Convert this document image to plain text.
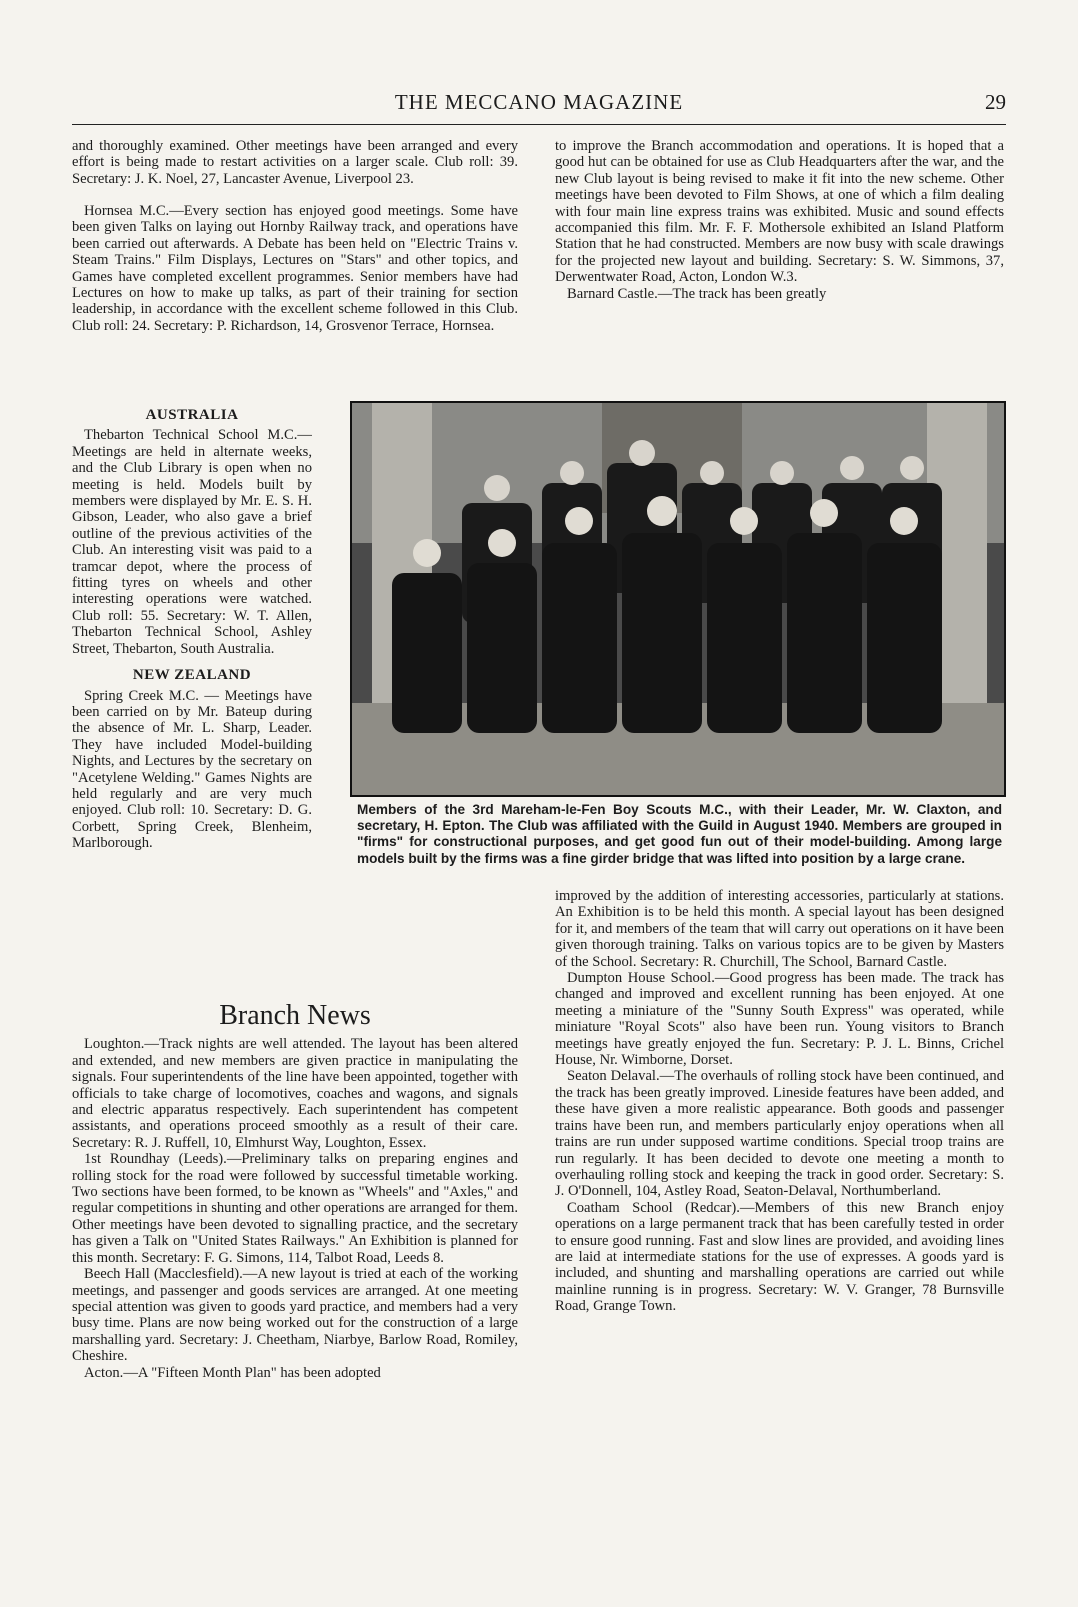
THE MECCANO MAGAZINE	29

and thoroughly examined. Other meetings have been arranged and every effort is being made to restart activities on a larger scale. Club roll: 39. Secretary: J. K. Noel, 27, Lancaster Avenue, Liverpool 23.

Hornsea M.C.—Every section has enjoyed good meetings. Some have been given Talks on laying out Hornby Railway track, and operations have been carried out afterwards. A Debate has been held on "Electric Trains v. Steam Trains." Film Displays, Lectures on "Stars" and other topics, and Games have completed excellent programmes. Senior members have had Lectures on how to make up talks, as part of their training for section leadership, in accordance with the excellent scheme followed in this Club. Club roll: 24. Secretary: P. Richardson, 14, Grosvenor Terrace, Hornsea.

AUSTRALIA

Thebarton Technical School M.C.—Meetings are held in alternate weeks, and the Club Library is open when no meeting is held. Models built by members were displayed by Mr. E. S. H. Gibson, Leader, who also gave a brief outline of the previous activities of the Club. An interesting visit was paid to a tramcar depot, where the process of fitting tyres on wheels and other interesting operations were watched. Club roll: 55. Secretary: W. T. Allen, Thebarton Technical School, Ashley Street, Thebarton, South Australia.

NEW ZEALAND

Spring Creek M.C. — Meetings have been carried on by Mr. Bateup during the absence of Mr. L. Sharp, Leader. They have included Model-building Nights, and Lectures by the secretary on "Acetylene Welding." Games Nights are held regularly and are very much enjoyed. Club roll: 10. Secretary: D. G. Corbett, Spring Creek, Blenheim, Marlborough.

Branch News

Loughton.—Track nights are well attended. The layout has been altered and extended, and new members are given practice in manipulating the signals. Four superintendents of the line have been appointed, together with officials to take charge of locomotives, coaches and wagons, and signals and electric apparatus respectively. Each superintendent has competent assistants, and operations proceed smoothly as a result of their care. Secretary: R. J. Ruffell, 10, Elmhurst Way, Loughton, Essex.

1st Roundhay (Leeds).—Preliminary talks on preparing engines and rolling stock for the road were followed by successful timetable working. Two sections have been formed, to be known as "Wheels" and "Axles," and regular competitions in shunting and other operations are arranged for them. Other meetings have been devoted to signalling practice, and the secretary has given a Talk on "United States Railways." An Exhibition is planned for this month. Secretary: F. G. Simons, 114, Talbot Road, Leeds 8.

Beech Hall (Macclesfield).—A new layout is tried at each of the working meetings, and passenger and goods services are arranged. At one meeting special attention was given to goods yard practice, and members had a very busy time. Plans are now being worked out for the construction of a large marshalling yard. Secretary: J. Cheetham, Niarbye, Barlow Road, Romiley, Cheshire.

Acton.—A "Fifteen Month Plan" has been adopted

to improve the Branch accommodation and operations. It is hoped that a good hut can be obtained for use as Club Headquarters after the war, and the new Club layout is being revised to make it fit into the new scheme. Other meetings have been devoted to Film Shows, at one of which a film dealing with four main line express trains was exhibited. Music and sound effects accompanied this film. Mr. F. F. Mothersole exhibited an Island Platform Station that he had constructed. Members are now busy with scale drawings for the projected new layout and building. Secretary: S. W. Simmons, 37, Derwentwater Road, Acton, London W.3.

Barnard Castle.—The track has been greatly

Members of the 3rd Mareham-le-Fen Boy Scouts M.C., with their Leader, Mr. W. Claxton, and secretary, H. Epton. The Club was affiliated with the Guild in August 1940. Members are grouped in "firms" for constructional purposes, and get good fun out of their model-building. Among large models built by the firms was a fine girder bridge that was lifted into position by a large crane.

improved by the addition of interesting accessories, particularly at stations. An Exhibition is to be held this month. A special layout has been designed for it, and members of the team that will carry out operations on it have been given thorough training. Talks on various topics are to be given by Masters of the School. Secretary: R. Churchill, The School, Barnard Castle.

Dumpton House School.—Good progress has been made. The track has changed and improved and excellent running has been enjoyed. At one meeting a miniature of the "Sunny South Express" was operated, while miniature "Royal Scots" also have been run. Young visitors to Branch meetings have greatly enjoyed the fun. Secretary: P. J. L. Binns, Crichel House, Nr. Wimborne, Dorset.

Seaton Delaval.—The overhauls of rolling stock have been continued, and the track has been greatly improved. Lineside features have been added, and these have given a more realistic appearance. Both goods and passenger trains have been run, and members particularly enjoy operations when all trains are run under supposed wartime conditions. Special troop trains are run regularly. It has been decided to devote one meeting a month to overhauling rolling stock and keeping the track in good order. Secretary: S. J. O'Donnell, 104, Astley Road, Seaton-Delaval, Northumberland.

Coatham School (Redcar).—Members of this new Branch enjoy operations on a large permanent track that has been carefully tested in order to ensure good running. Fast and slow lines are provided, and avoiding lines are laid at intermediate stations for the use of expresses. A goods yard is included, and shunting and marshalling operations are carried out while mainline running is in progress. Secretary: W. V. Granger, 78 Burnsville Road, Grange Town.
